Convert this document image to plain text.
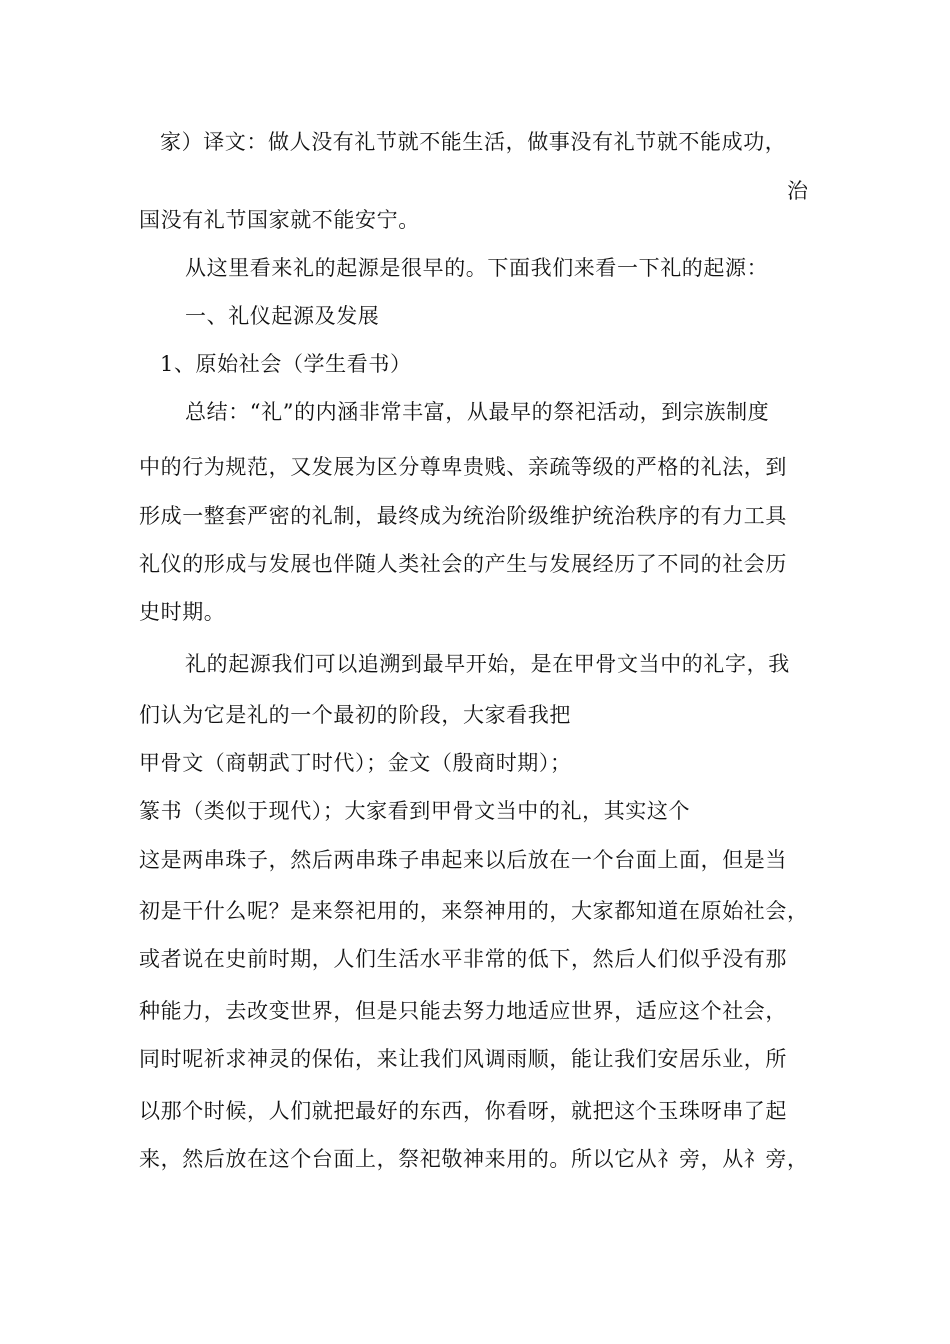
家）译文：做人没有礼节就不能生活，做事没有礼节就不能成功，
治
国没有礼节国家就不能安宁。
从这里看来礼的起源是很早的。下面我们来看一下礼的起源：
一、礼仪起源及发展
1、原始社会（学生看书）
总结：“礼”的内涵非常丰富，从最早的祭祀活动，到宗族制度
中的行为规范，又发展为区分尊卑贵贱、亲疏等级的严格的礼法，到
形成一整套严密的礼制，最终成为统治阶级维护统治秩序的有力工具
礼仪的形成与发展也伴随人类社会的产生与发展经历了不同的社会历
史时期。
礼的起源我们可以追溯到最早开始，是在甲骨文当中的礼字，我
们认为它是礼的一个最初的阶段，大家看我把
甲骨文（商朝武丁时代）；金文（殷商时期）；
篆书（类似于现代）；大家看到甲骨文当中的礼，其实这个
这是两串珠子，然后两串珠子串起来以后放在一个台面上面，但是当
初是干什么呢？是来祭祀用的，来祭神用的，大家都知道在原始社会，
或者说在史前时期，人们生活水平非常的低下，然后人们似乎没有那
种能力，去改变世界，但是只能去努力地适应世界，适应这个社会，
同时呢祈求神灵的保佑，来让我们风调雨顺，能让我们安居乐业，所
以那个时候，人们就把最好的东西，你看呀，就把这个玉珠呀串了起
来，然后放在这个台面上，祭祀敬神来用的。所以它从礻旁，从礻旁，
